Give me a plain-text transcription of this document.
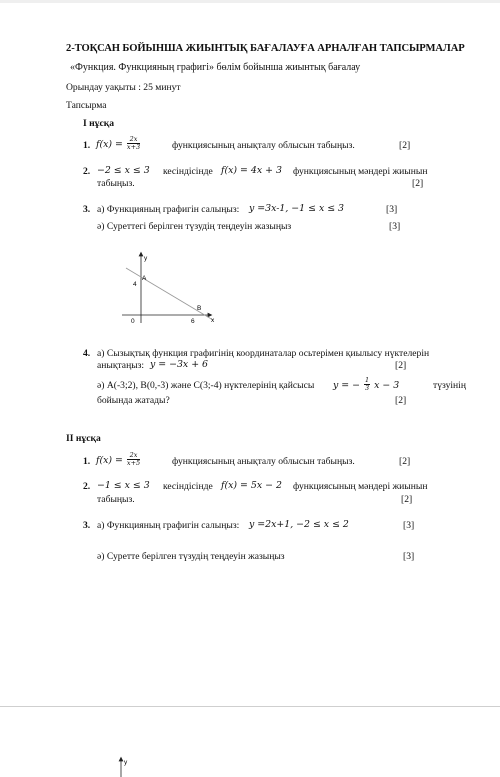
2-ТОҚСАН БОЙЫНША ЖИЫНТЫҚ БАҒАЛАУҒА АРНАЛҒАН ТАПСЫРМАЛАР
«Функция. Функцияның графигі» бөлім бойынша жиынтық бағалау
Орындау уақыты : 25 минут
Тапсырма
І нұсқа
1. $f(x) = \frac{2x}{x+3}$	функциясының анықталу облысын табыңыз.	[2]
2. −2 ≤ x ≤ 3 кесіндісінде f(x) = 4x + 3 функциясының мәндері жиынын
табыңыз.	[2]
3. а) Функцияның графигін салыңыз: y =3x-1, −1 ≤ x ≤ 3	[3]
ә) Суреттегі берілген түзудің теңдеуін жазыңыз	[3]
y
x
0
A
B
4
6
4. а) Сызықтық функция графигінің координаталар осьтерімен қиылысу нүктелерін
анықтаңыз: y = −3x + 6	[2]
ә) A(-3;2), B(0,-3) және C(3;-4) нүктелерінің қайсысы y = − $\frac{1}{3}$ x − 3	түзуінің
бойында жатады?	[2]
ІІ нұсқа
1. $f(x) = \frac{2x}{x+5}$	функциясының анықталу облысын табыңыз.	[2]
2. −1 ≤ x ≤ 3 кесіндісінде f(x) = 5x − 2 функциясының мәндері жиынын
табыңыз.	[2]
3. а) Функцияның графигін салыңыз: y =2x+1, −2 ≤ x ≤ 2	[3]
ә) Суретте берілген түзудің теңдеуін жазыңыз	[3]
y
